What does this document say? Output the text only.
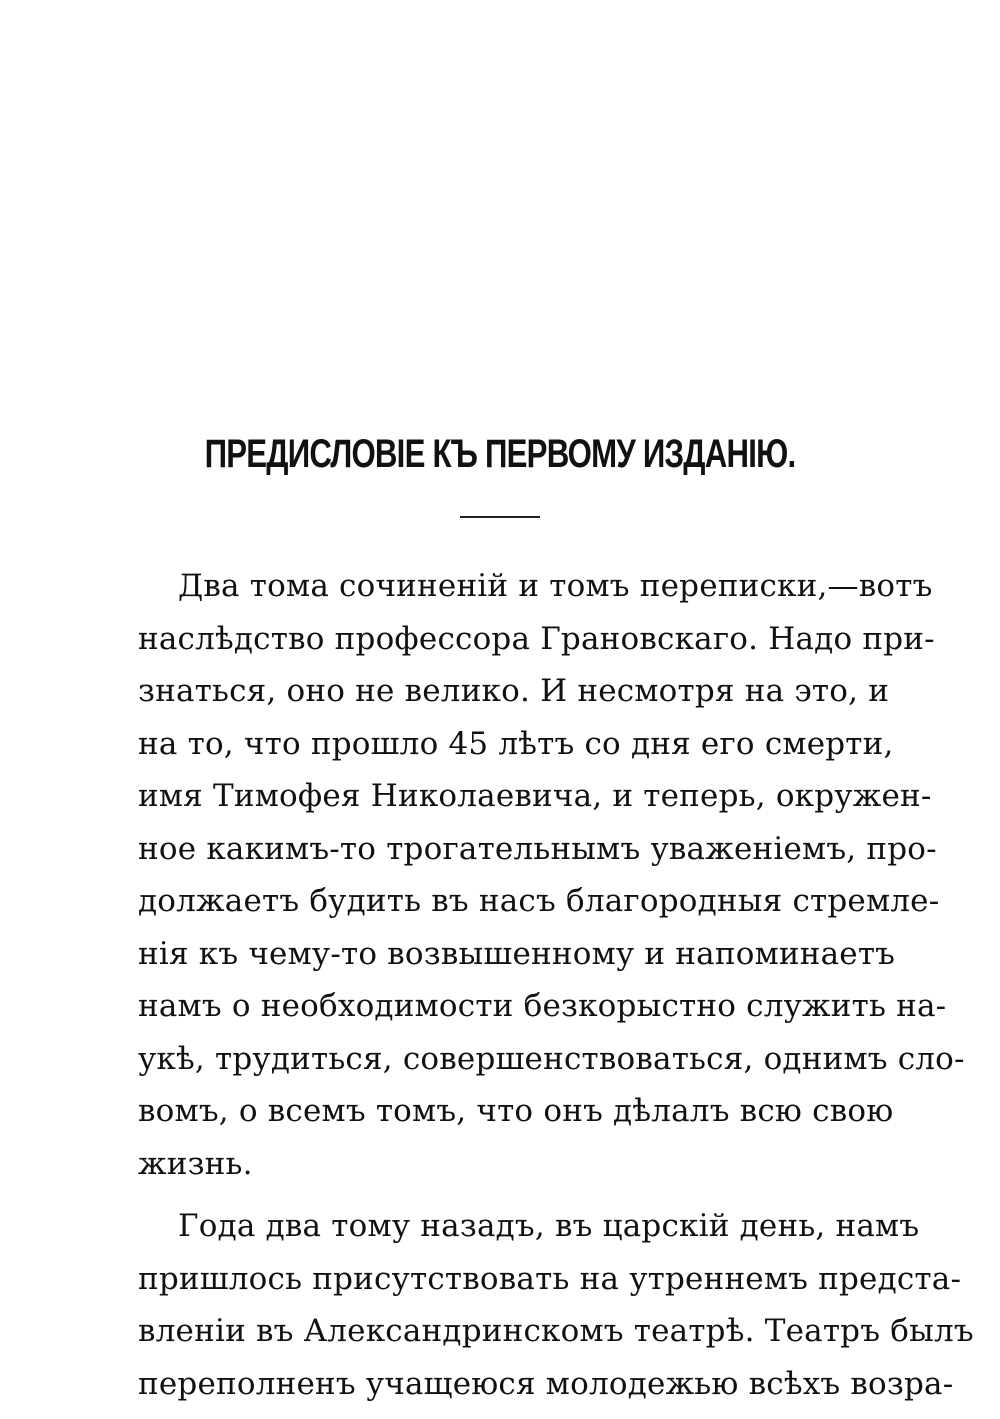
ПРЕДИСЛОВІЕ КЪ ПЕРВОМУ ИЗДАНІЮ.
Два тома сочиненій и томъ переписки,—вотъ
наслѣдство профессора Грановскаго. Надо при-
знаться, оно не велико. И несмотря на это, и
на то, что прошло 45 лѣтъ со дня его смерти,
имя Тимофея Николаевича, и теперь, окружен-
ное какимъ-то трогательнымъ уваженіемъ, про-
должаетъ будить въ насъ благородныя стремле-
нія къ чему-то возвышенному и напоминаетъ
намъ о необходимости безкорыстно служить на-
укѣ, трудиться, совершенствоваться, однимъ сло-
вомъ, о всемъ томъ, что онъ дѣлалъ всю свою
жизнь.
Года два тому назадъ, въ царскій день, намъ
пришлось присутствовать на утреннемъ предста-
вленіи въ Александринскомъ театрѣ. Театръ былъ
переполненъ учащеюся молодежью всѣхъ возра-
